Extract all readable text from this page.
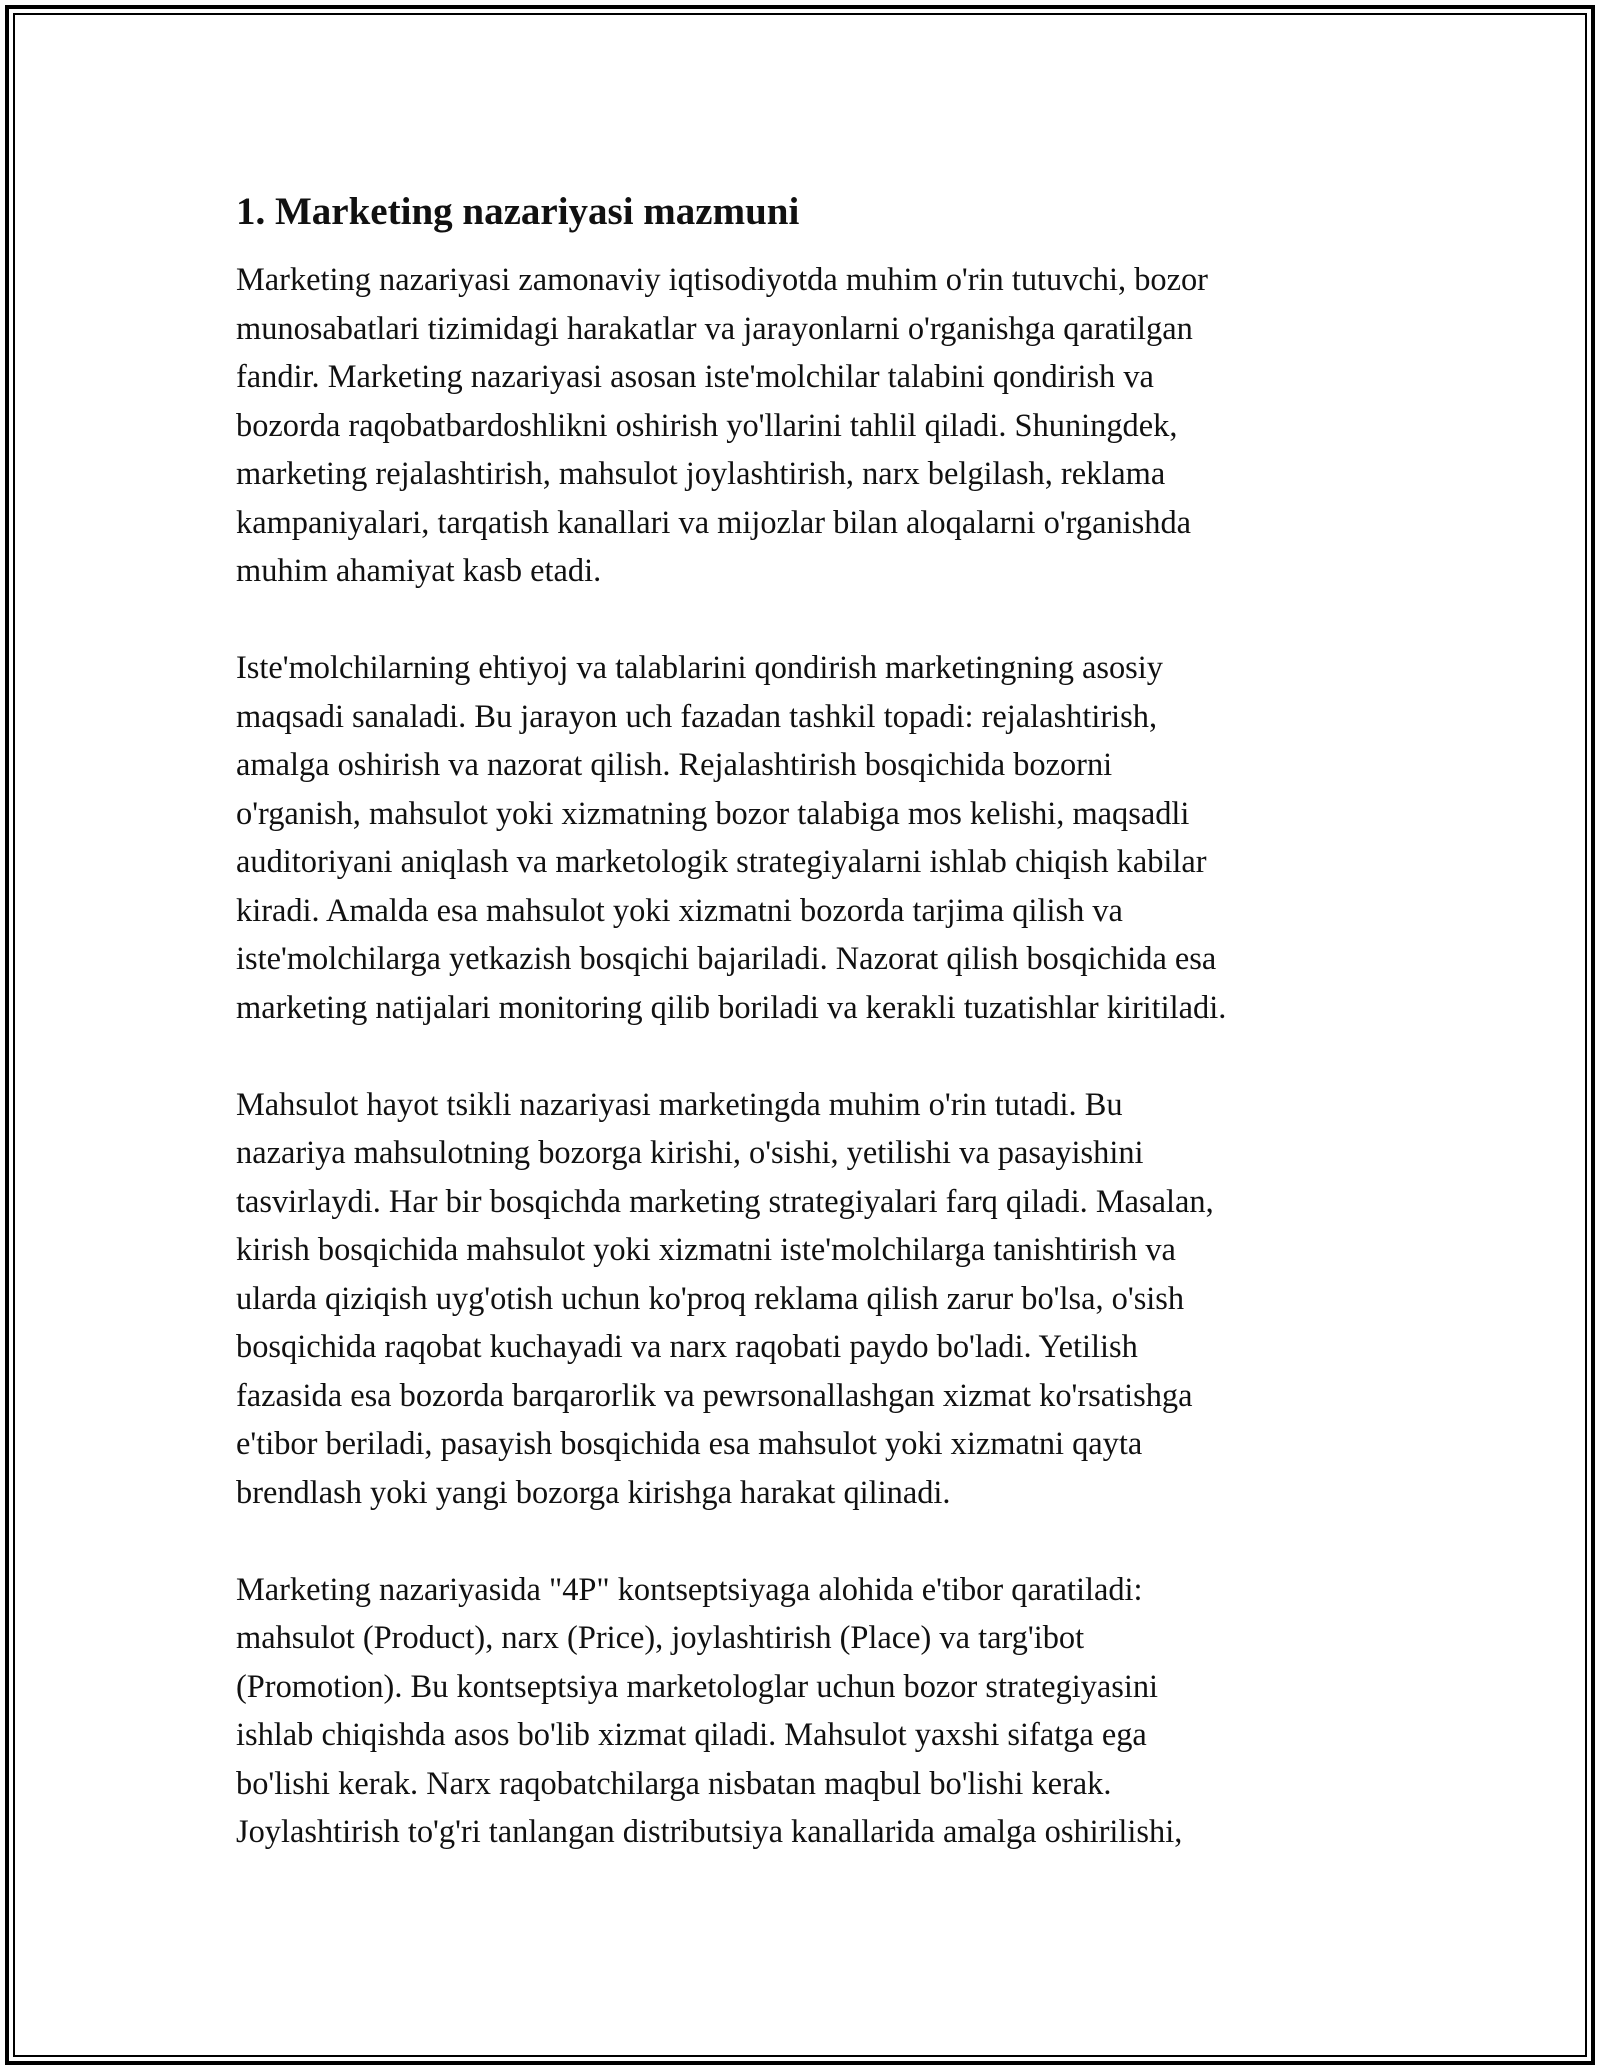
1. Marketing nazariyasi mazmuni

Marketing nazariyasi zamonaviy iqtisodiyotda muhim o'rin tutuvchi, bozor
munosabatlari tizimidagi harakatlar va jarayonlarni o'rganishga qaratilgan
fandir. Marketing nazariyasi asosan iste'molchilar talabini qondirish va
bozorda raqobatbardoshlikni oshirish yo'llarini tahlil qiladi. Shuningdek,
marketing rejalashtirish, mahsulot joylashtirish, narx belgilash, reklama
kampaniyalari, tarqatish kanallari va mijozlar bilan aloqalarni o'rganishda
muhim ahamiyat kasb etadi.

Iste'molchilarning ehtiyoj va talablarini qondirish marketingning asosiy
maqsadi sanaladi. Bu jarayon uch fazadan tashkil topadi: rejalashtirish,
amalga oshirish va nazorat qilish. Rejalashtirish bosqichida bozorni
o'rganish, mahsulot yoki xizmatning bozor talabiga mos kelishi, maqsadli
auditoriyani aniqlash va marketologik strategiyalarni ishlab chiqish kabilar
kiradi. Amalda esa mahsulot yoki xizmatni bozorda tarjima qilish va
iste'molchilarga yetkazish bosqichi bajariladi. Nazorat qilish bosqichida esa
marketing natijalari monitoring qilib boriladi va kerakli tuzatishlar kiritiladi.

Mahsulot hayot tsikli nazariyasi marketingda muhim o'rin tutadi. Bu
nazariya mahsulotning bozorga kirishi, o'sishi, yetilishi va pasayishini
tasvirlaydi. Har bir bosqichda marketing strategiyalari farq qiladi. Masalan,
kirish bosqichida mahsulot yoki xizmatni iste'molchilarga tanishtirish va
ularda qiziqish uyg'otish uchun ko'proq reklama qilish zarur bo'lsa, o'sish
bosqichida raqobat kuchayadi va narx raqobati paydo bo'ladi. Yetilish
fazasida esa bozorda barqarorlik va pewrsonallashgan xizmat ko'rsatishga
e'tibor beriladi, pasayish bosqichida esa mahsulot yoki xizmatni qayta
brendlash yoki yangi bozorga kirishga harakat qilinadi.

Marketing nazariyasida "4P" kontseptsiyaga alohida e'tibor qaratiladi:
mahsulot (Product), narx (Price), joylashtirish (Place) va targ'ibot
(Promotion). Bu kontseptsiya marketologlar uchun bozor strategiyasini
ishlab chiqishda asos bo'lib xizmat qiladi. Mahsulot yaxshi sifatga ega
bo'lishi kerak. Narx raqobatchilarga nisbatan maqbul bo'lishi kerak.
Joylashtirish to'g'ri tanlangan distributsiya kanallarida amalga oshirilishi,
